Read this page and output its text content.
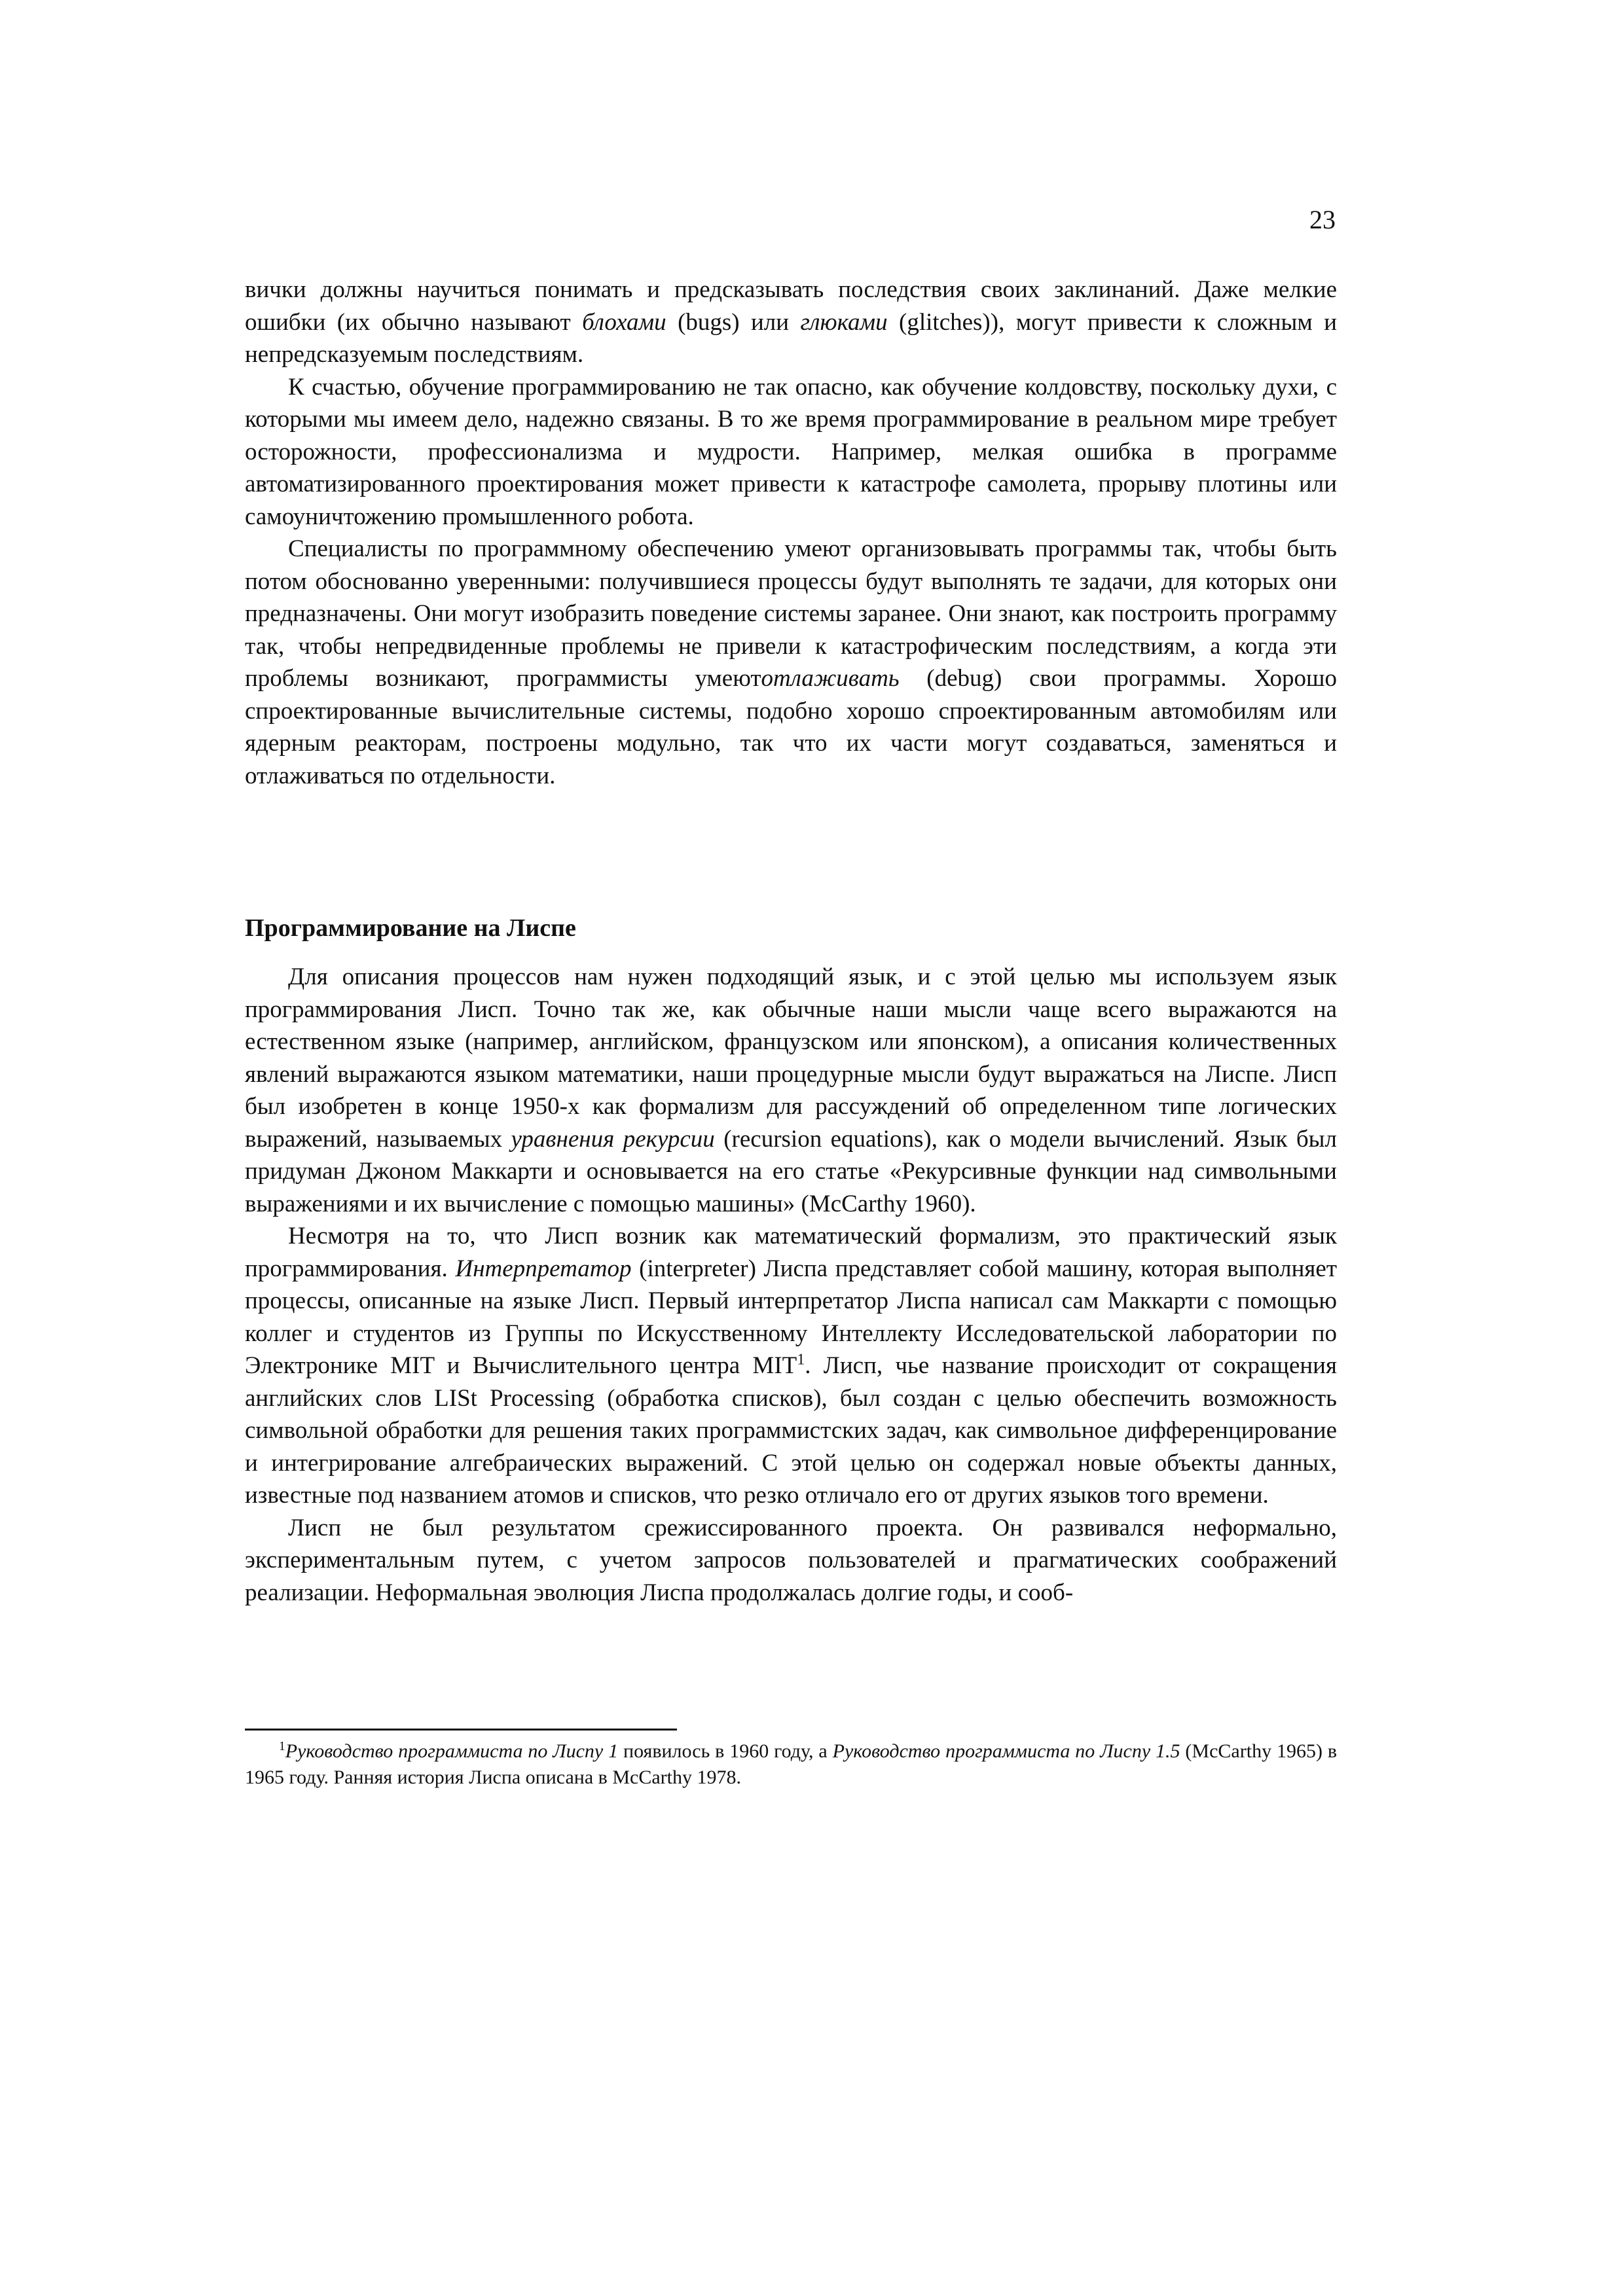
23

вички должны научиться понимать и предсказывать последствия своих заклинаний. Даже мелкие ошибки (их обычно называют блохами (bugs) или глюками (glitches)), могут привести к сложным и непредсказуемым последствиям.

К счастью, обучение программированию не так опасно, как обучение колдовству, поскольку духи, с которыми мы имеем дело, надежно связаны. В то же время программирование в реальном мире требует осторожности, профессионализма и мудрости. Например, мелкая ошибка в программе автоматизированного проектирования может привести к катастрофе самолета, прорыву плотины или самоуничтожению промышленного робота.

Специалисты по программному обеспечению умеют организовывать программы так, чтобы быть потом обоснованно уверенными: получившиеся процессы будут выполнять те задачи, для которых они предназначены. Они могут изобразить поведение системы заранее. Они знают, как построить программу так, чтобы непредвиденные проблемы не привели к катастрофическим последствиям, а когда эти проблемы возникают, программисты умеютотлаживать (debug) свои программы. Хорошо спроектированные вычислительные системы, подобно хорошо спроектированным автомобилям или ядерным реакторам, построены модульно, так что их части могут создаваться, заменяться и отлаживаться по отдельности.

Программирование на Лиспе

Для описания процессов нам нужен подходящий язык, и с этой целью мы используем язык программирования Лисп. Точно так же, как обычные наши мысли чаще всего выражаются на естественном языке (например, английском, французском или японском), а описания количественных явлений выражаются языком математики, наши процедурные мысли будут выражаться на Лиспе. Лисп был изобретен в конце 1950-х как формализм для рассуждений об определенном типе логических выражений, называемых уравнения рекурсии (recursion equations), как о модели вычислений. Язык был придуман Джоном Маккарти и основывается на его статье «Рекурсивные функции над символьными выражениями и их вычисление с помощью машины» (McCarthy 1960).

Несмотря на то, что Лисп возник как математический формализм, это практический язык программирования. Интерпретатор (interpreter) Лиспа представляет собой машину, которая выполняет процессы, описанные на языке Лисп. Первый интерпретатор Лиспа написал сам Маккарти с помощью коллег и студентов из Группы по Искусственному Интеллекту Исследовательской лаборатории по Электронике MIT и Вычислительного центра MIT$^1$. Лисп, чье название происходит от сокращения английских слов LISt Processing (обработка списков), был создан с целью обеспечить возможность символьной обработки для решения таких программистских задач, как символьное дифференцирование и интегрирование алгебраических выражений. С этой целью он содержал новые объекты данных, известные под названием атомов и списков, что резко отличало его от других языков того времени.

Лисп не был результатом срежиссированного проекта. Он развивался неформально, экспериментальным путем, с учетом запросов пользователей и прагматических соображений реализации. Неформальная эволюция Лиспа продолжалась долгие годы, и сооб-

$^1$Руководство программиста по Лиспу 1 появилось в 1960 году, а Руководство программиста по Лиспу 1.5 (McCarthy 1965) в 1965 году. Ранняя история Лиспа описана в McCarthy 1978.
